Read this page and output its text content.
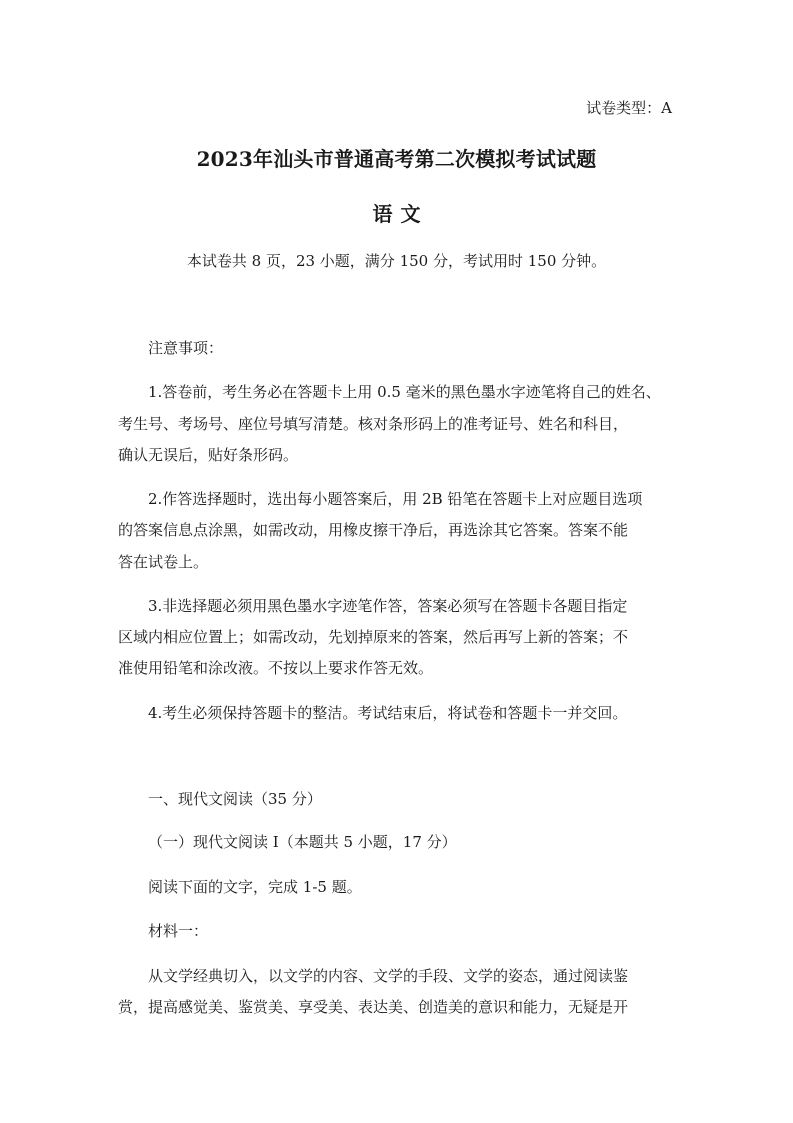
试卷类型：A

2023年汕头市普通高考第二次模拟考试试题
语 文

本试卷共 8 页，23 小题，满分 150 分，考试用时 150 分钟。

注意事项：

1.答卷前，考生务必在答题卡上用 0.5 毫米的黑色墨水字迹笔将自己的姓名、

考生号、考场号、座位号填写清楚。核对条形码上的准考证号、姓名和科目，

确认无误后，贴好条形码。

2.作答选择题时，选出每小题答案后，用 2B 铅笔在答题卡上对应题目选项

的答案信息点涂黑，如需改动，用橡皮擦干净后，再选涂其它答案。答案不能

答在试卷上。

3.非选择题必须用黑色墨水字迹笔作答，答案必须写在答题卡各题目指定

区域内相应位置上；如需改动，先划掉原来的答案，然后再写上新的答案；不

准使用铅笔和涂改液。不按以上要求作答无效。

4.考生必须保持答题卡的整洁。考试结束后，将试卷和答题卡一并交回。

一、现代文阅读（35 分）

（一）现代文阅读 I（本题共 5 小题，17 分）

阅读下面的文字，完成 1-5 题。

材料一：

从文学经典切入，以文学的内容、文学的手段、文学的姿态，通过阅读鉴

赏，提高感觉美、鉴赏美、享受美、表达美、创造美的意识和能力，无疑是开
